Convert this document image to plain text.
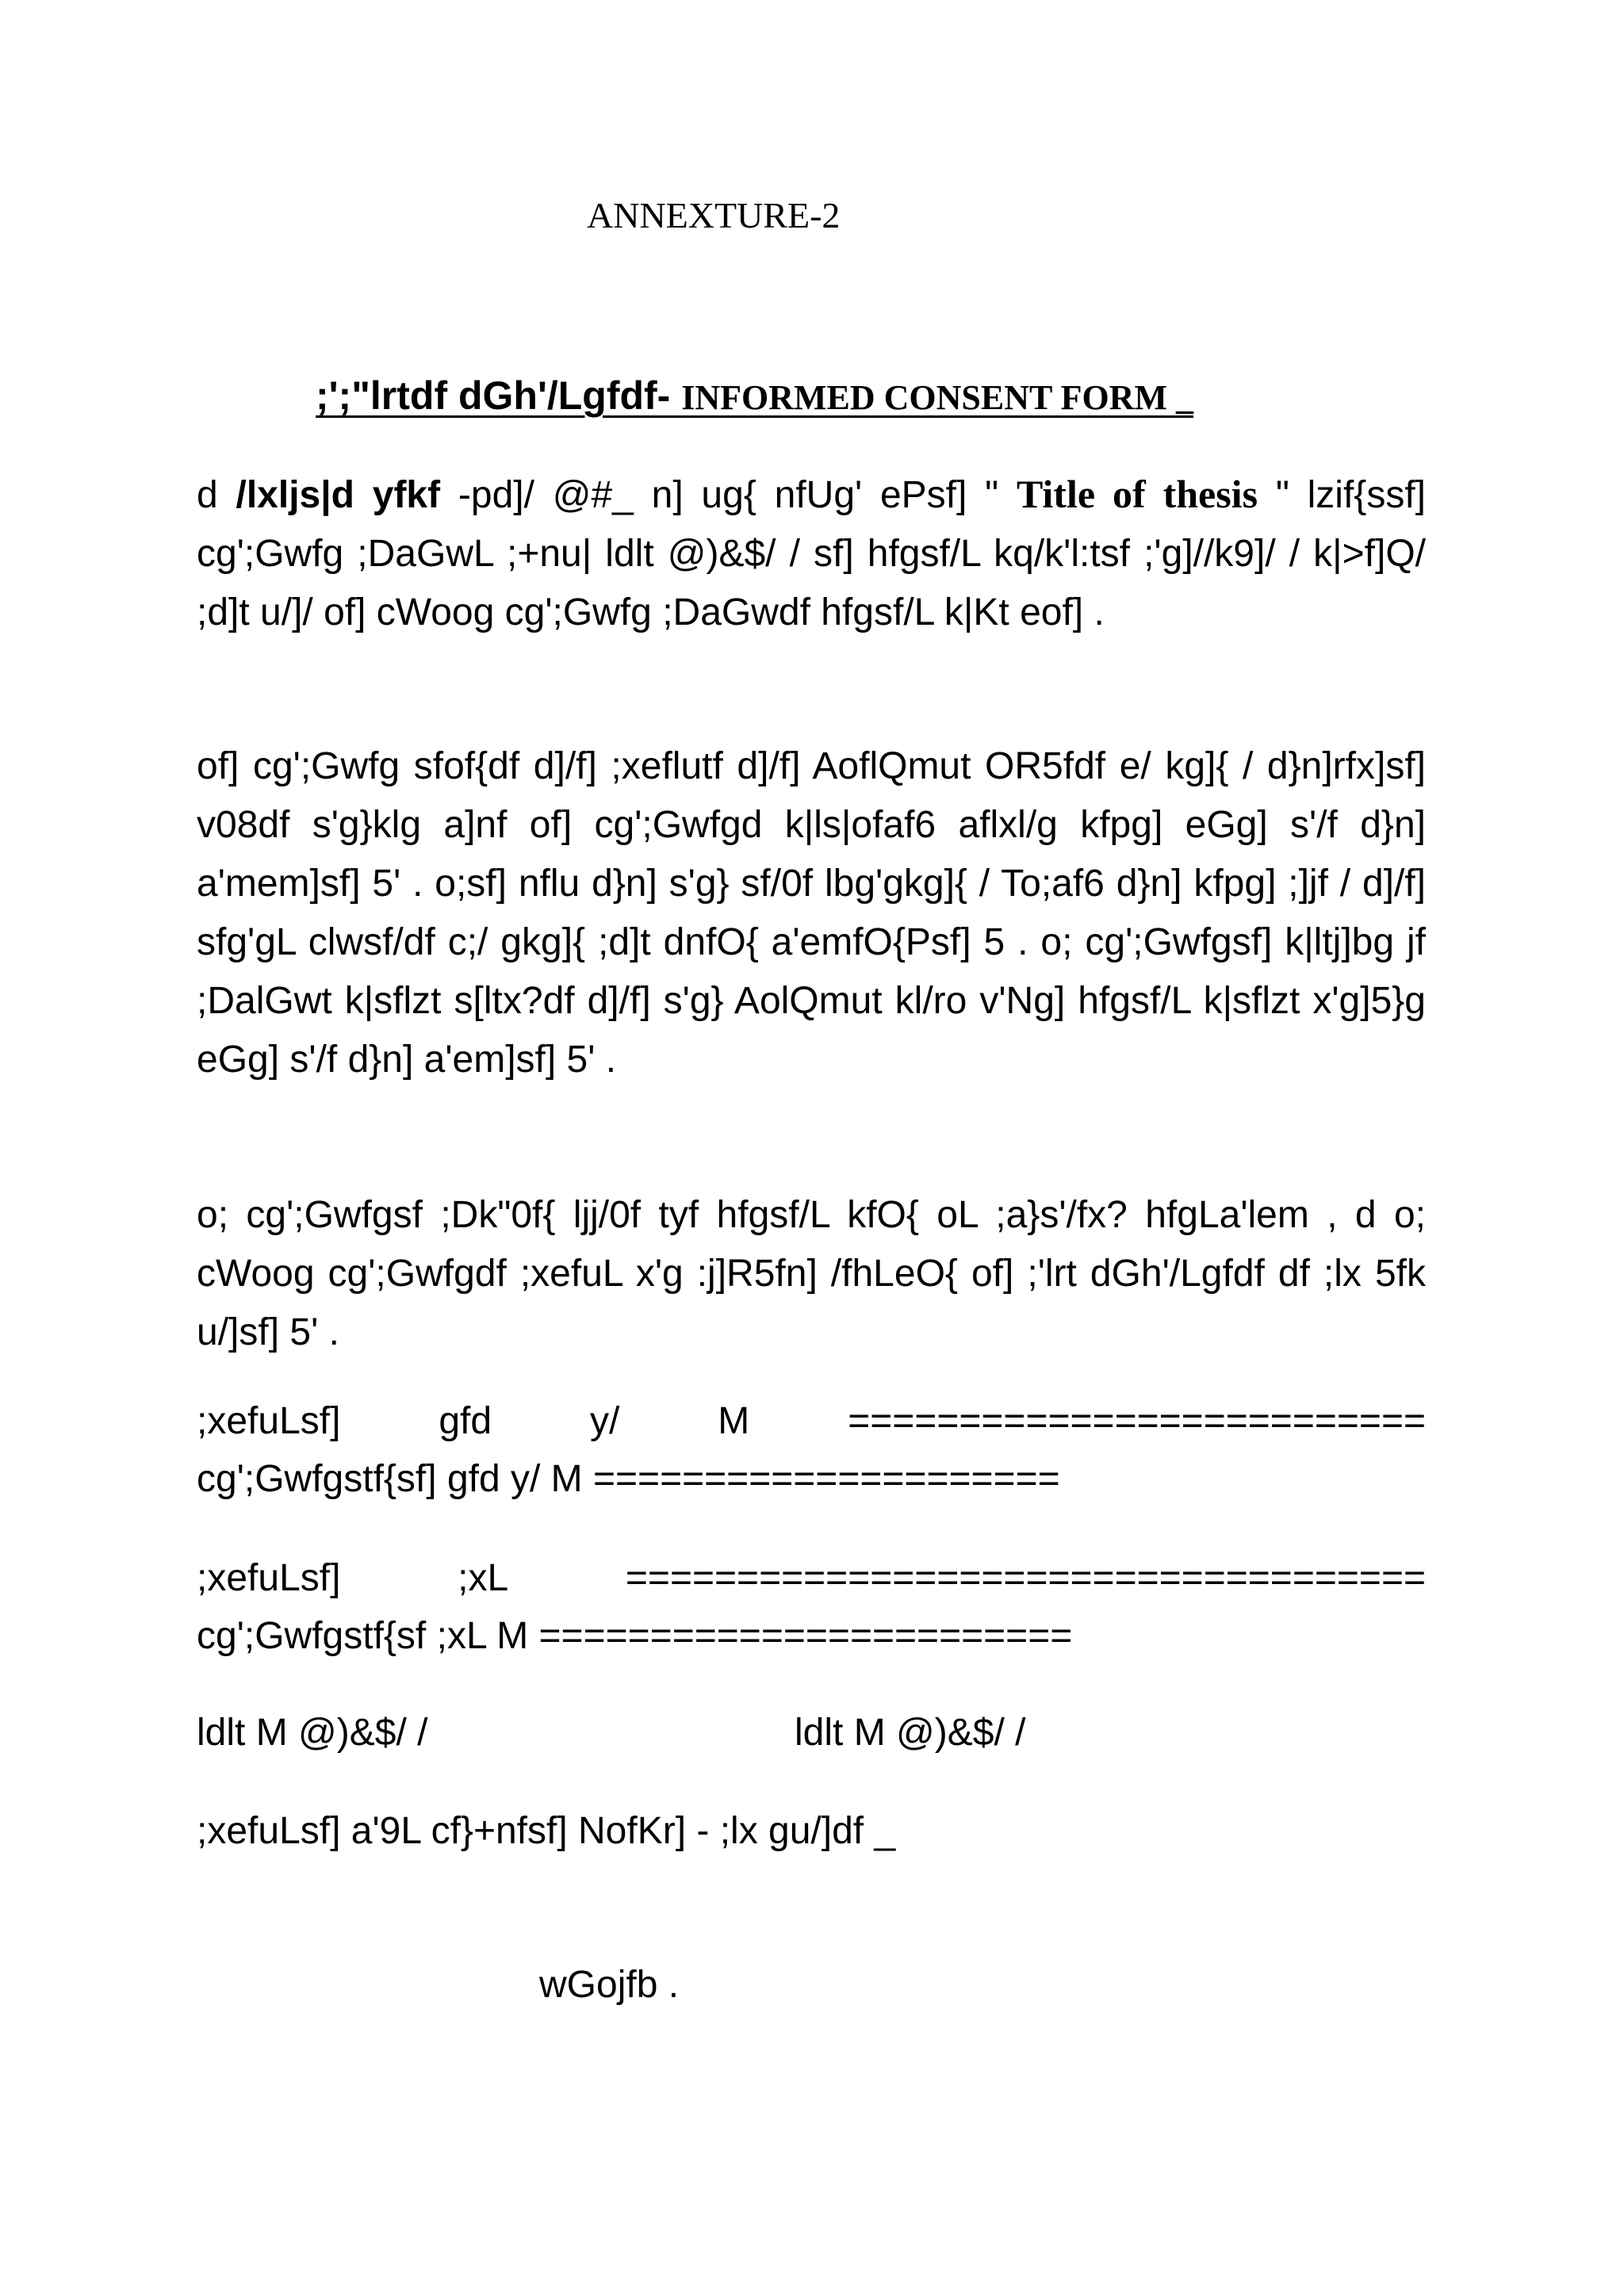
ANNEXTURE-2
;';"lrtdf dGh'/Lgfdf- INFORMED CONSENT FORM _
d /lxljs|d yfkf -pd]/ @#_ n] ug{ nfUg' ePsf] " Title of thesis " lzif{ssf] cg';Gwfg ;DaGwL ;+nu| ldlt @)&$/ / sf] hfgsf/L kq/k'l:tsf ;'g]//k9]/ / k|>f]Q/ ;d]t u/]/ of] cWoog cg';Gwfg ;DaGwdf hfgsf/L k|Kt eof] .
of] cg';Gwfg sfof{df d]/f] ;xeflutf d]/f] AoflQmut OR5fdf e/ kg]{ / d}n]rfx]sf] v08df s'g}klg a]nf of] cg';Gwfgd k|ls|ofaf6 aflxl/g kfpg] eGg] s'/f d}n] a'mem]sf] 5' . o;sf] nflu d}n] s'g} sf/0f lbg'gkg]{ / To;af6 d}n] kfpg] ;]jf / d]/f] sfg'gL clwsf/df c;/ gkg]{ ;d]t dnfO{ a'emfO{Psf] 5 . o; cg';Gwfgsf] k|ltj]bg jf ;DalGwt k|sflzt s[ltx?df d]/f] s'g} AolQmut kl/ro v'Ng] hfgsf/L k|sflzt x'g]5}g eGg] s'/f d}n] a'em]sf] 5' .
o; cg';Gwfgsf ;Dk"0f{ ljj/0f tyf hfgsf/L kfO{ oL ;a}s'/fx? hfgLa'lem , d o; cWoog cg';Gwfgdf ;xefuL x'g :j]R5fn] /fhLeO{ of] ;'lrt dGh'/Lgfdf df ;lx 5fk u/]sf] 5' .
;xefuLsf]	gfd	y/	M	==========================
cg';Gwfgstf{sf] gfd y/ M =====================
;xefuLsf]	;xL	====================================
cg';Gwfgstf{sf ;xL M ========================
ldlt M @)&$/ /	ldlt M @)&$/ /
;xefuLsf] a'9L cf}+nfsf] NofKr] - ;lx gu/]df _
wGojfb .
